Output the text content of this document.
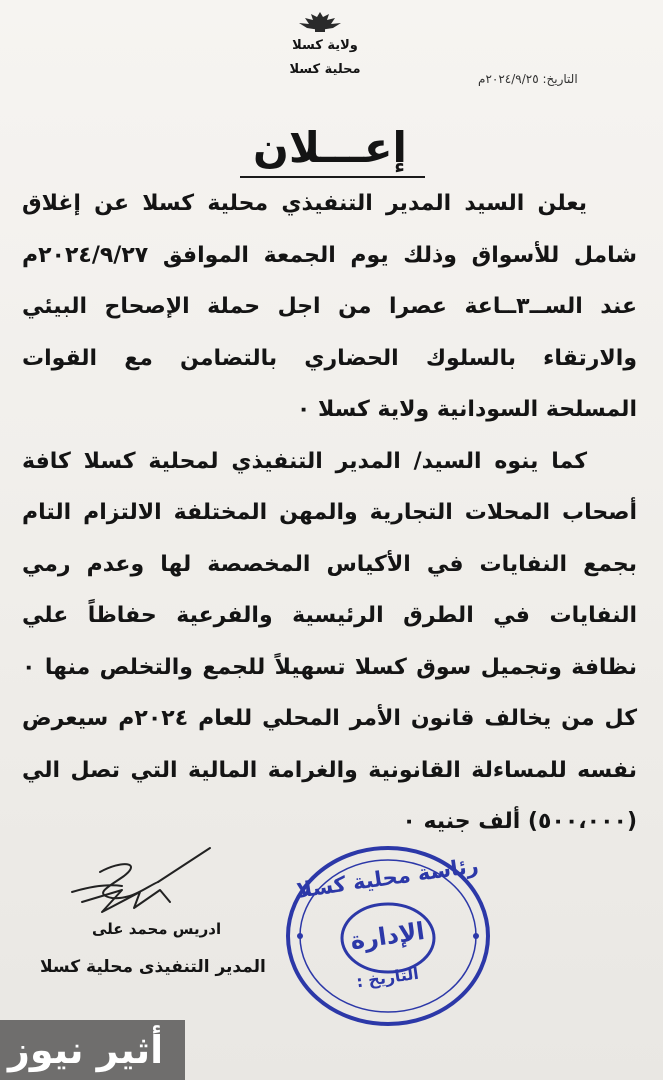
ولاية كسلا
محلية كسلا
التاريخ: ٢٠٢٤/٩/٢٥م
إعـــلان

يعلن السيد المدير التنفيذي محلية كسلا عن إغلاق شامل للأسواق وذلك يوم الجمعة الموافق ٢٠٢٤/٩/٢٧م عند الســ٣ــاعة عصرا من اجل حملة الإصحاح البيئي والارتقاء بالسلوك الحضاري بالتضامن مع القوات المسلحة السودانية ولاية كسلا ٠

كما ينوه السيد/ المدير التنفيذي لمحلية كسلا كافة أصحاب المحلات التجارية والمهن المختلفة الالتزام التام بجمع النفايات في الأكياس المخصصة لها وعدم رمي النفايات في الطرق الرئيسية والفرعية حفاظاً علي نظافة وتجميل سوق كسلا تسهيلاً للجمع والتخلص منها ٠ كل من يخالف قانون الأمر المحلي للعام ٢٠٢٤م سيعرض نفسه للمساءلة القانونية والغرامة المالية التي تصل الي (٥٠٠،٠٠٠) ألف جنيه ٠

ادريس محمد على
المدير التنفيذى محلية كسلا
رئاسة محلية كسلا
الإدارة
التاريخ :
أثير نيوز
